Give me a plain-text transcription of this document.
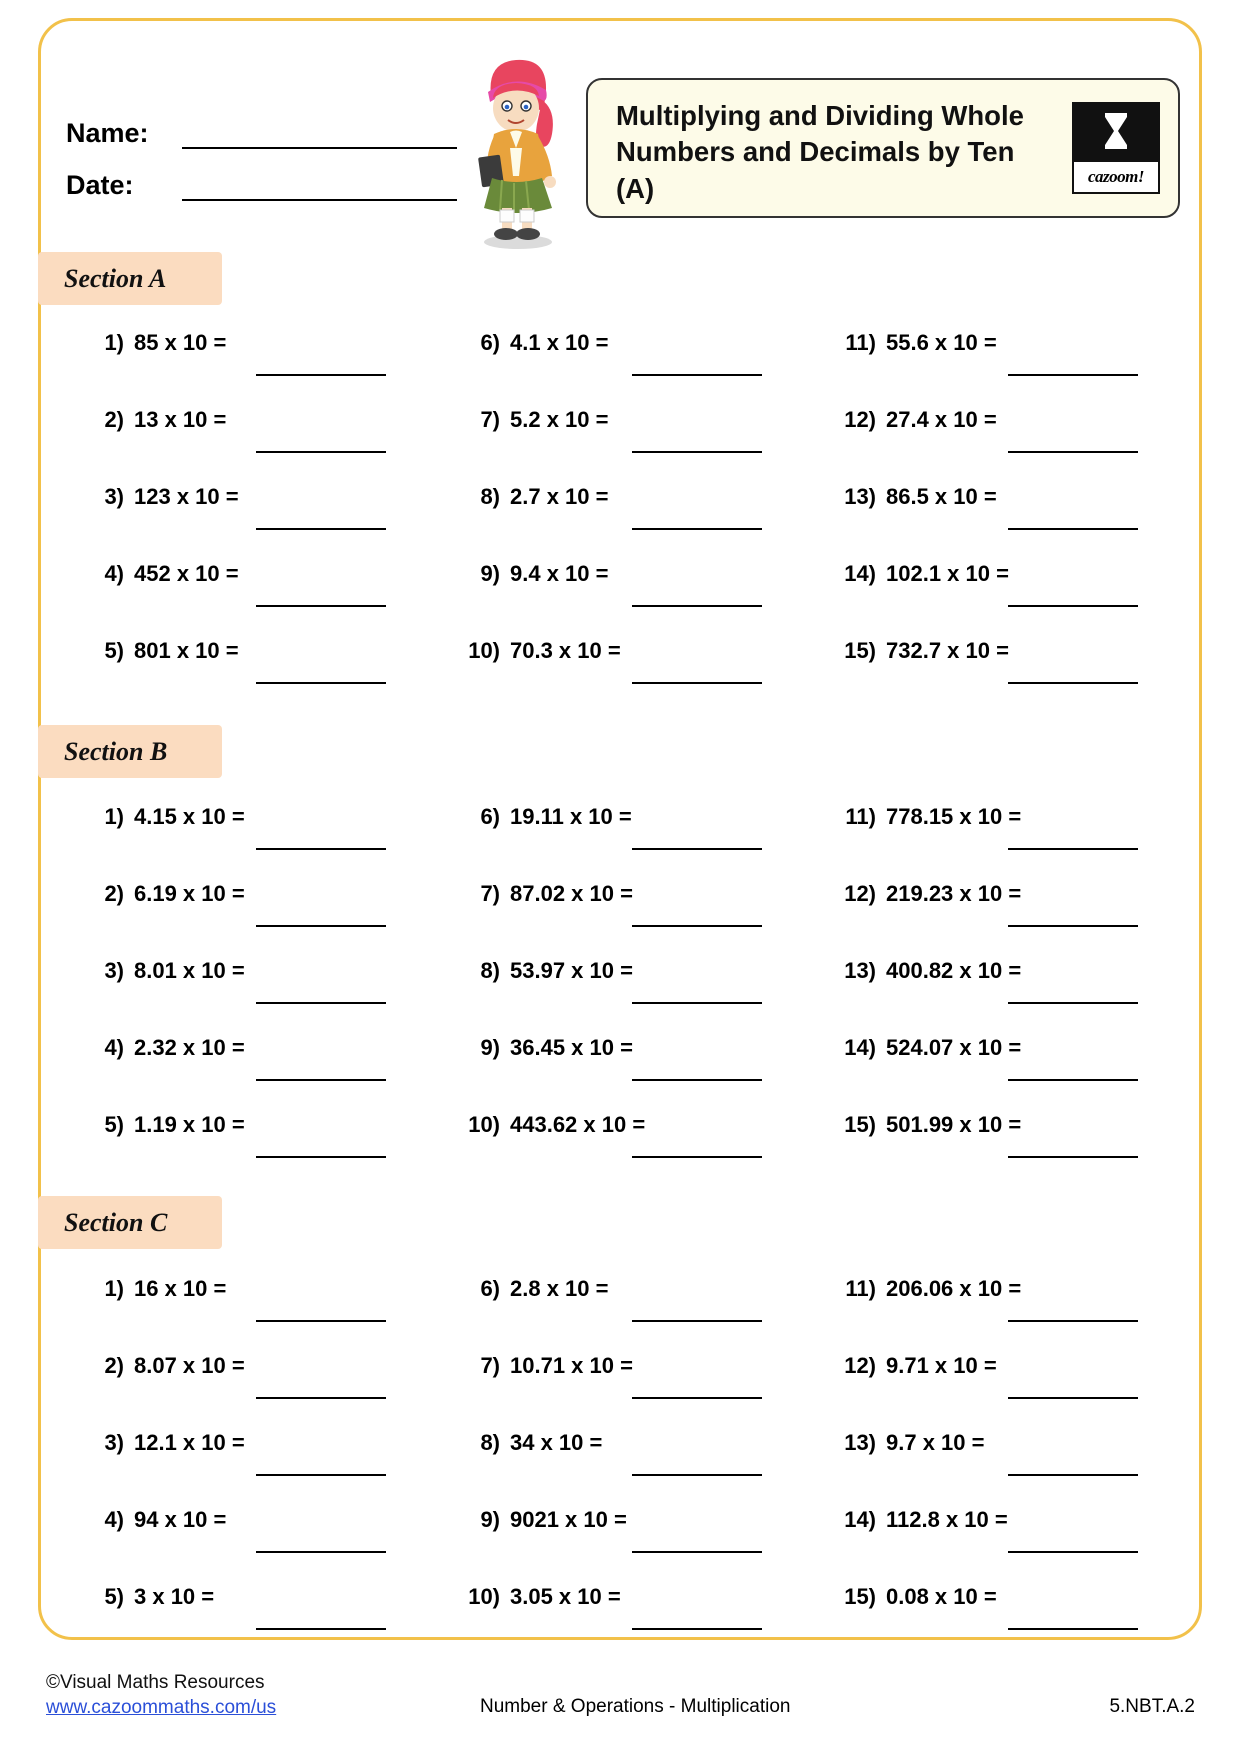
Name:
Date:
Multiplying and Dividing Whole Numbers and Decimals by Ten (A)	cazoom!
Section A
1) 85 x 10 =	6) 4.1 x 10 =	11) 55.6 x 10 =
2) 13 x 10 =	7) 5.2 x 10 =	12) 27.4 x 10 =
3) 123 x 10 =	8) 2.7 x 10 =	13) 86.5 x 10 =
4) 452 x 10 =	9) 9.4 x 10 =	14) 102.1 x 10 =
5) 801 x 10 =	10) 70.3 x 10 =	15) 732.7 x 10 =
Section B
1) 4.15 x 10 =	6) 19.11 x 10 =	11) 778.15 x 10 =
2) 6.19 x 10 =	7) 87.02 x 10 =	12) 219.23 x 10 =
3) 8.01 x 10 =	8) 53.97 x 10 =	13) 400.82 x 10 =
4) 2.32 x 10 =	9) 36.45 x 10 =	14) 524.07 x 10 =
5) 1.19 x 10 =	10) 443.62 x 10 =	15) 501.99 x 10 =
Section C
1) 16 x 10 =	6) 2.8 x 10 =	11) 206.06 x 10 =
2) 8.07 x 10 =	7) 10.71 x 10 =	12) 9.71 x 10 =
3) 12.1 x 10 =	8) 34 x 10 =	13) 9.7 x 10 =
4) 94 x 10 =	9) 9021 x 10 =	14) 112.8 x 10 =
5) 3 x 10 =	10) 3.05 x 10 =	15) 0.08 x 10 =
©Visual Maths Resources
www.cazoommaths.com/us	Number & Operations - Multiplication	5.NBT.A.2
